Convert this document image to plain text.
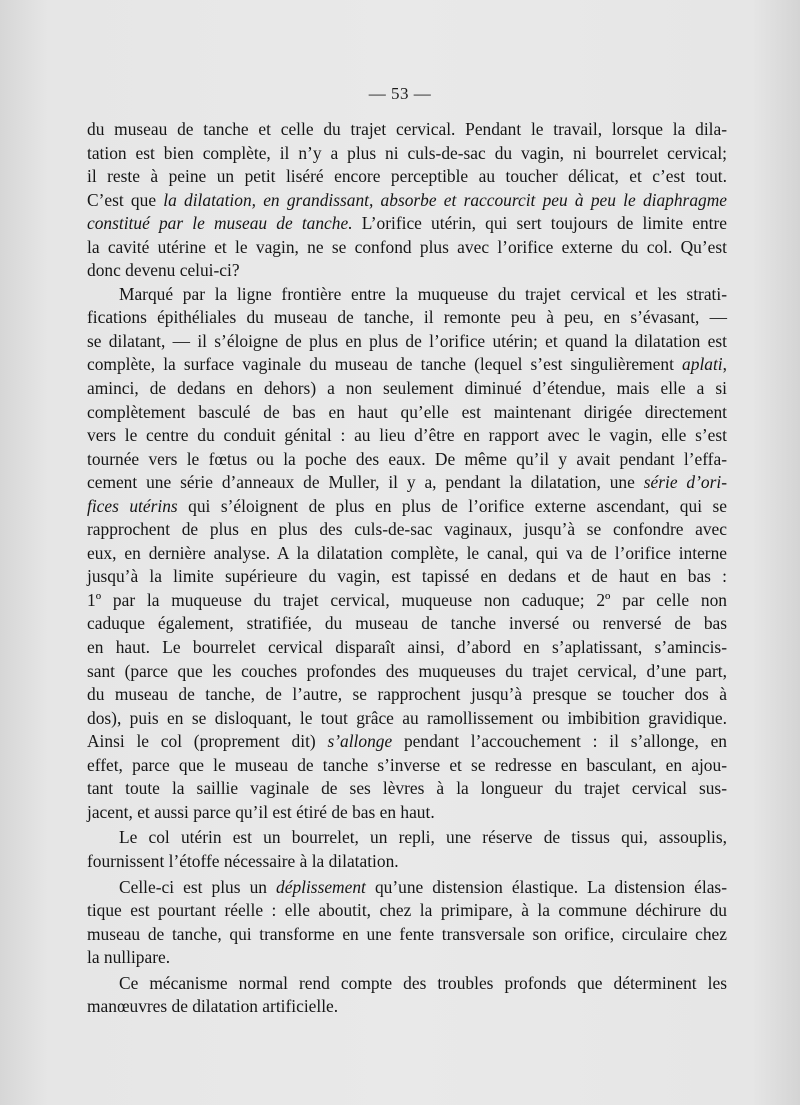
— 53 —
du museau de tanche et celle du trajet cervical. Pendant le travail, lorsque la dila-
tation est bien complète, il n’y a plus ni culs-de-sac du vagin, ni bourrelet cervical;
il reste à peine un petit liséré encore perceptible au toucher délicat, et c’est tout.
C’est que la dilatation, en grandissant, absorbe et raccourcit peu à peu le diaphragme
constitué par le museau de tanche. L’orifice utérin, qui sert toujours de limite entre
la cavité utérine et le vagin, ne se confond plus avec l’orifice externe du col. Qu’est
donc devenu celui-ci?
Marqué par la ligne frontière entre la muqueuse du trajet cervical et les strati-
fications épithéliales du museau de tanche, il remonte peu à peu, en s’évasant, —
se dilatant, — il s’éloigne de plus en plus de l’orifice utérin; et quand la dilatation est
complète, la surface vaginale du museau de tanche (lequel s’est singulièrement aplati,
aminci, de dedans en dehors) a non seulement diminué d’étendue, mais elle a si
complètement basculé de bas en haut qu’elle est maintenant dirigée directement
vers le centre du conduit génital : au lieu d’être en rapport avec le vagin, elle s’est
tournée vers le fœtus ou la poche des eaux. De même qu’il y avait pendant l’effa-
cement une série d’anneaux de Muller, il y a, pendant la dilatation, une série d’ori-
fices utérins qui s’éloignent de plus en plus de l’orifice externe ascendant, qui se
rapprochent de plus en plus des culs-de-sac vaginaux, jusqu’à se confondre avec
eux, en dernière analyse. A la dilatation complète, le canal, qui va de l’orifice interne
jusqu’à la limite supérieure du vagin, est tapissé en dedans et de haut en bas :
1º par la muqueuse du trajet cervical, muqueuse non caduque; 2º par celle non
caduque également, stratifiée, du museau de tanche inversé ou renversé de bas
en haut. Le bourrelet cervical disparaît ainsi, d’abord en s’aplatissant, s’amincis-
sant (parce que les couches profondes des muqueuses du trajet cervical, d’une part,
du museau de tanche, de l’autre, se rapprochent jusqu’à presque se toucher dos à
dos), puis en se disloquant, le tout grâce au ramollissement ou imbibition gravidique.
Ainsi le col (proprement dit) s’allonge pendant l’accouchement : il s’allonge, en
effet, parce que le museau de tanche s’inverse et se redresse en basculant, en ajou-
tant toute la saillie vaginale de ses lèvres à la longueur du trajet cervical sus-
jacent, et aussi parce qu’il est étiré de bas en haut.
Le col utérin est un bourrelet, un repli, une réserve de tissus qui, assouplis,
fournissent l’étoffe nécessaire à la dilatation.
Celle-ci est plus un déplissement qu’une distension élastique. La distension élas-
tique est pourtant réelle : elle aboutit, chez la primipare, à la commune déchirure du
museau de tanche, qui transforme en une fente transversale son orifice, circulaire chez
la nullipare.
Ce mécanisme normal rend compte des troubles profonds que déterminent les
manœuvres de dilatation artificielle.
